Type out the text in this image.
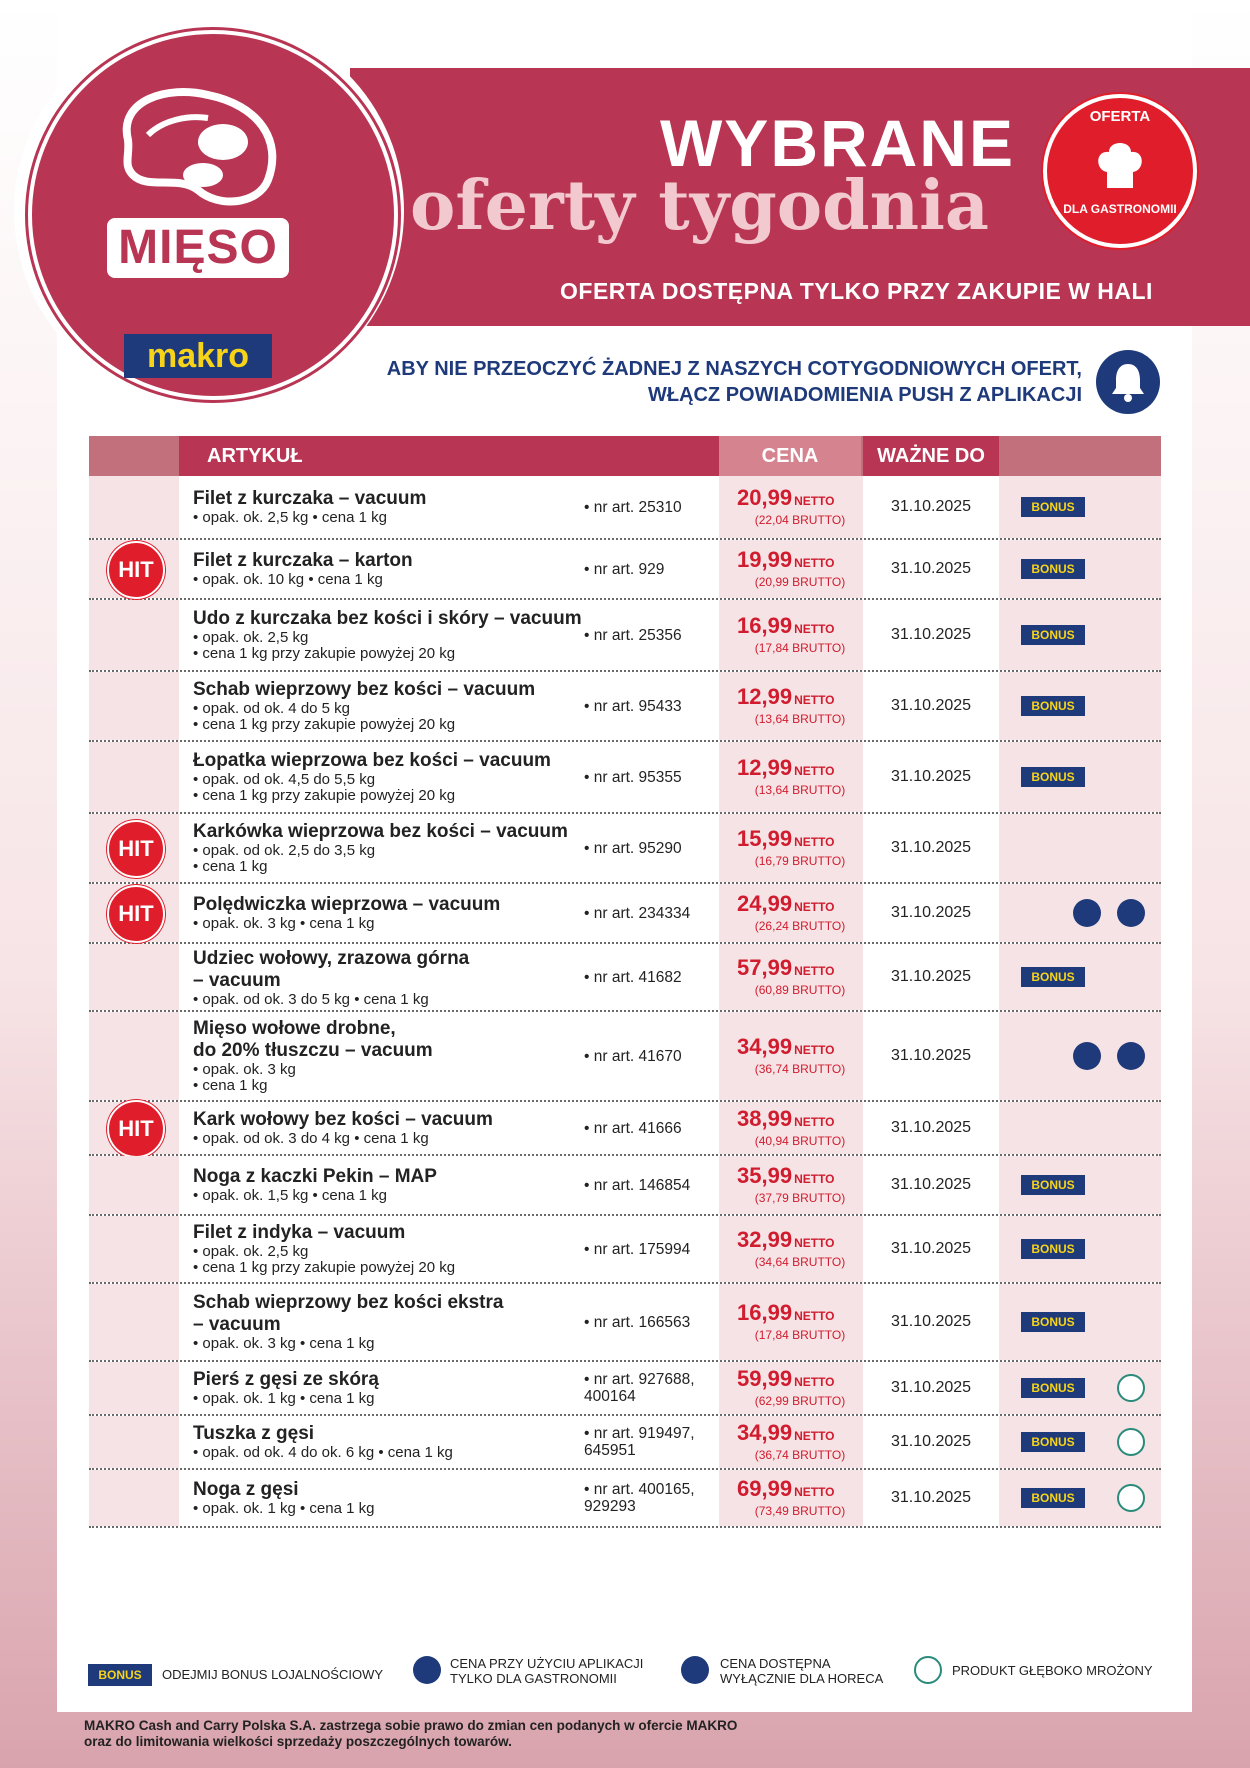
MIĘSO
makro
WYBRANE
oferty tygodnia
OFERTA DOSTĘPNA TYLKO PRZY ZAKUPIE W HALI
OFERTA
DLA GASTRONOMII
ABY NIE PRZEOCZYĆ ŻADNEJ Z NASZYCH COTYGODNIOWYCH OFERT,
WŁĄCZ POWIADOMIENIA PUSH Z APLIKACJI
ARTYKUŁ	CENA	WAŻNE DO
Filet z kurczaka – vacuum
• opak. ok. 2,5 kg • cena 1 kg
• nr art. 25310	20,99 NETTO
(22,04 BRUTTO)
31.10.2025	BONUS
HIT	Filet z kurczaka – karton
• opak. ok. 10 kg • cena 1 kg
• nr art. 929	19,99 NETTO
(20,99 BRUTTO)
31.10.2025	BONUS
Udo z kurczaka bez kości i skóry – vacuum
• opak. ok. 2,5 kg
• cena 1 kg przy zakupie powyżej 20 kg
• nr art. 25356	16,99 NETTO
(17,84 BRUTTO)
31.10.2025	BONUS
Schab wieprzowy bez kości – vacuum
• opak. od ok. 4 do 5 kg
• cena 1 kg przy zakupie powyżej 20 kg
• nr art. 95433	12,99 NETTO
(13,64 BRUTTO)
31.10.2025	BONUS
Łopatka wieprzowa bez kości – vacuum
• opak. od ok. 4,5 do 5,5 kg
• cena 1 kg przy zakupie powyżej 20 kg
• nr art. 95355	12,99 NETTO
(13,64 BRUTTO)
31.10.2025	BONUS
HIT
Karkówka wieprzowa bez kości – vacuum
• opak. od ok. 2,5 do 3,5 kg
• cena 1 kg
• nr art. 95290	15,99 NETTO
(16,79 BRUTTO)
31.10.2025
HIT	Polędwiczka wieprzowa – vacuum
• opak. ok. 3 kg • cena 1 kg
• nr art. 234334 24,99 NETTO
(26,24 BRUTTO)
31.10.2025
Udziec wołowy, zrazowa górna
– vacuum
• opak. od ok. 3 do 5 kg • cena 1 kg
• nr art. 41682	57,99 NETTO
(60,89 BRUTTO)
31.10.2025	BONUS
Mięso wołowe drobne,
do 20% tłuszczu – vacuum
• opak. ok. 3 kg
• cena 1 kg
• nr art. 41670	34,99 NETTO
(36,74 BRUTTO)
31.10.2025
HIT	Kark wołowy bez kości – vacuum
• opak. od ok. 3 do 4 kg • cena 1 kg
• nr art. 41666	38,99 NETTO
(40,94 BRUTTO)
31.10.2025
Noga z kaczki Pekin – MAP
• opak. ok. 1,5 kg • cena 1 kg
• nr art. 146854 35,99 NETTO
(37,79 BRUTTO)
31.10.2025	BONUS
Filet z indyka – vacuum
• opak. ok. 2,5 kg
• cena 1 kg przy zakupie powyżej 20 kg
• nr art. 175994 32,99 NETTO
(34,64 BRUTTO)
31.10.2025	BONUS
Schab wieprzowy bez kości ekstra
– vacuum
• opak. ok. 3 kg • cena 1 kg
• nr art. 166563 16,99 NETTO
(17,84 BRUTTO)
31.10.2025	BONUS
Pierś z gęsi ze skórą
• opak. ok. 1 kg • cena 1 kg
• nr art. 927688,
400164
59,99 NETTO
(62,99 BRUTTO)
31.10.2025	BONUS
Tuszka z gęsi
• opak. od ok. 4 do ok. 6 kg • cena 1 kg
• nr art. 919497,
645951
34,99 NETTO
(36,74 BRUTTO)
31.10.2025	BONUS
Noga z gęsi
• opak. ok. 1 kg • cena 1 kg
• nr art. 400165,
929293
69,99 NETTO
(73,49 BRUTTO)
31.10.2025	BONUS
BONUS	ODEJMIJ BONUS LOJALNOŚCIOWY
CENA PRZY UŻYCIU APLIKACJI
TYLKO DLA GASTRONOMII
CENA DOSTĘPNA
WYŁĄCZNIE DLA HORECA
PRODUKT GŁĘBOKO MROŻONY
MAKRO Cash and Carry Polska S.A. zastrzega sobie prawo do zmian cen podanych w ofercie MAKRO
oraz do limitowania wielkości sprzedaży poszczególnych towarów.
